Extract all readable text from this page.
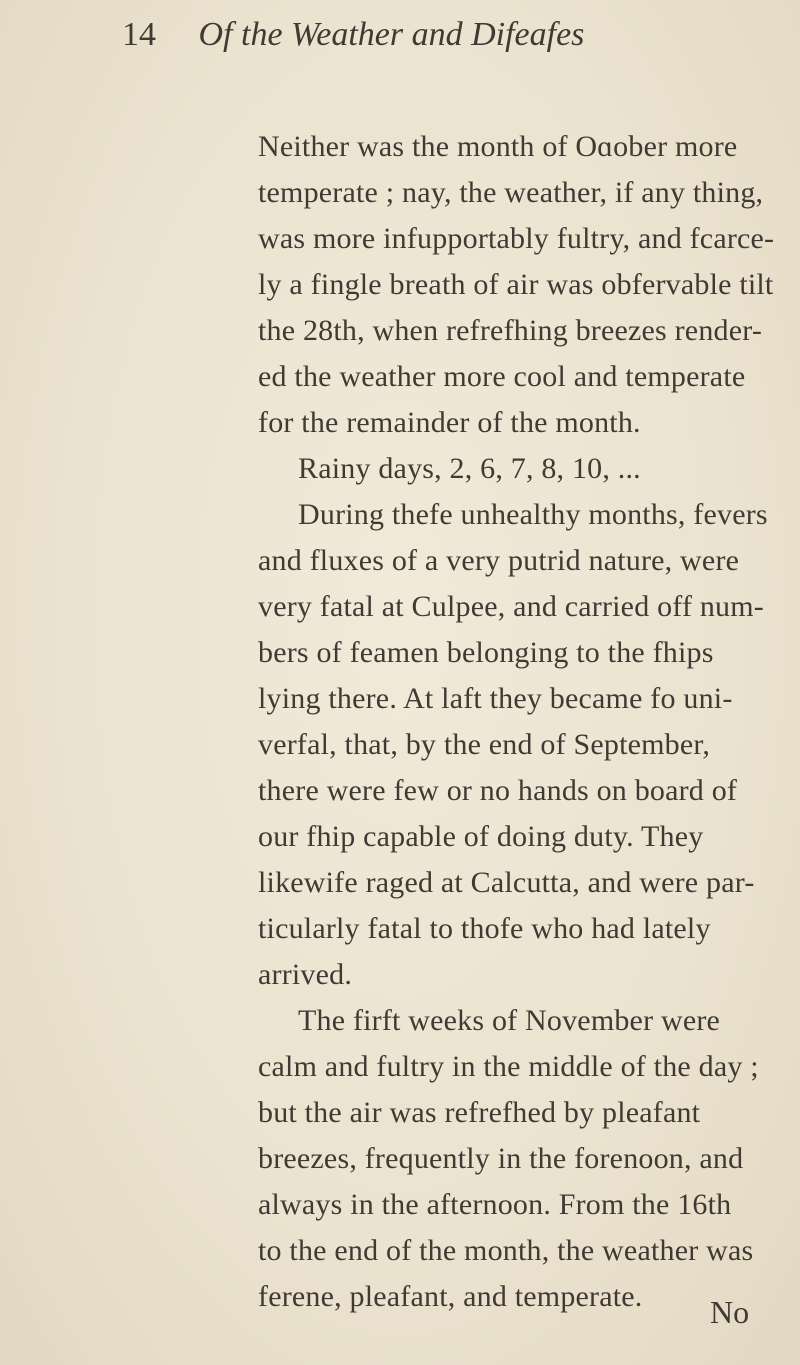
14 Of the Weather and Difeafes
Neither was the month of Oɑober more
temperate ; nay, the weather, if any thing,
was more infupportably fultry, and fcarce-
ly a fingle breath of air was obfervable tilt
the 28th, when refrefhing breezes render-
ed the weather more cool and temperate
for the remainder of the month.
Rainy days, 2, 6, 7, 8, 10, ...
During thefe unhealthy months, fevers
and fluxes of a very putrid nature, were
very fatal at Culpee, and carried off num-
bers of feamen belonging to the fhips
lying there. At laft they became fo uni-
verfal, that, by the end of September,
there were few or no hands on board of
our fhip capable of doing duty. They
likewife raged at Calcutta, and were par-
ticularly fatal to thofe who had lately
arrived.
The firft weeks of November were
calm and fultry in the middle of the day ;
but the air was refrefhed by pleafant
breezes, frequently in the forenoon, and
always in the afternoon. From the 16th
to the end of the month, the weather was
ferene, pleafant, and temperate. No
